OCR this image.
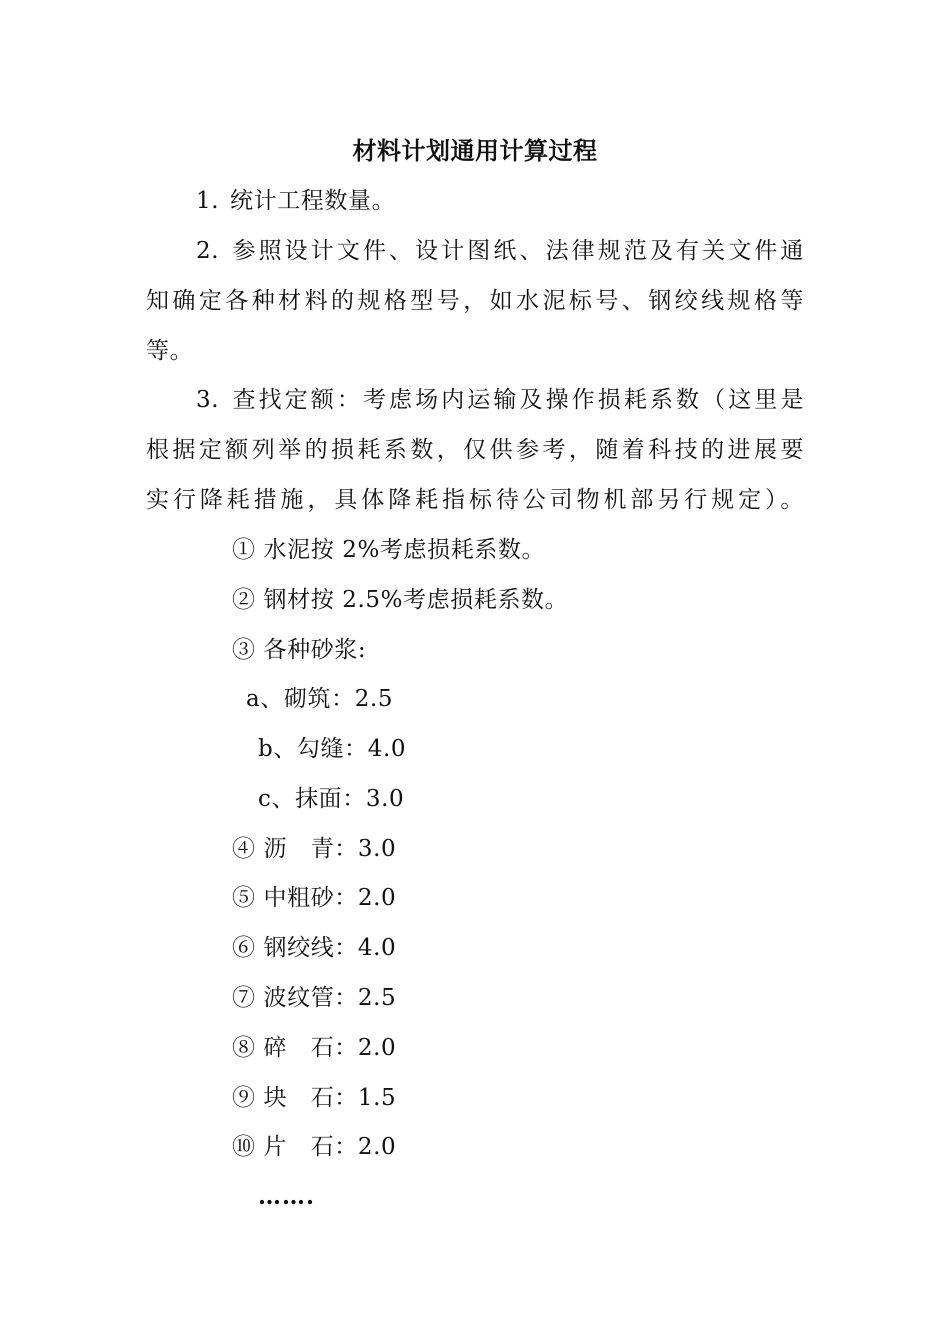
材料计划通用计算过程
1. 统计工程数量。
2. 参照设计文件、设计图纸、法律规范及有关文件通
知确定各种材料的规格型号，如水泥标号、钢绞线规格等
等。
3. 查找定额：考虑场内运输及操作损耗系数（这里是
根据定额列举的损耗系数，仅供参考，随着科技的进展要
实行降耗措施，具体降耗指标待公司物机部另行规定）。
① 水泥按 2%考虑损耗系数。
② 钢材按 2.5%考虑损耗系数。
③ 各种砂浆:
a、砌筑：2.5
b、勾缝：4.0
c、抹面：3.0
④ 沥　青：3.0
⑤ 中粗砂：2.0
⑥ 钢绞线：4.0
⑦ 波纹管：2.5
⑧ 碎　石：2.0
⑨ 块　石：1.5
⑩ 片　石：2.0
…….
